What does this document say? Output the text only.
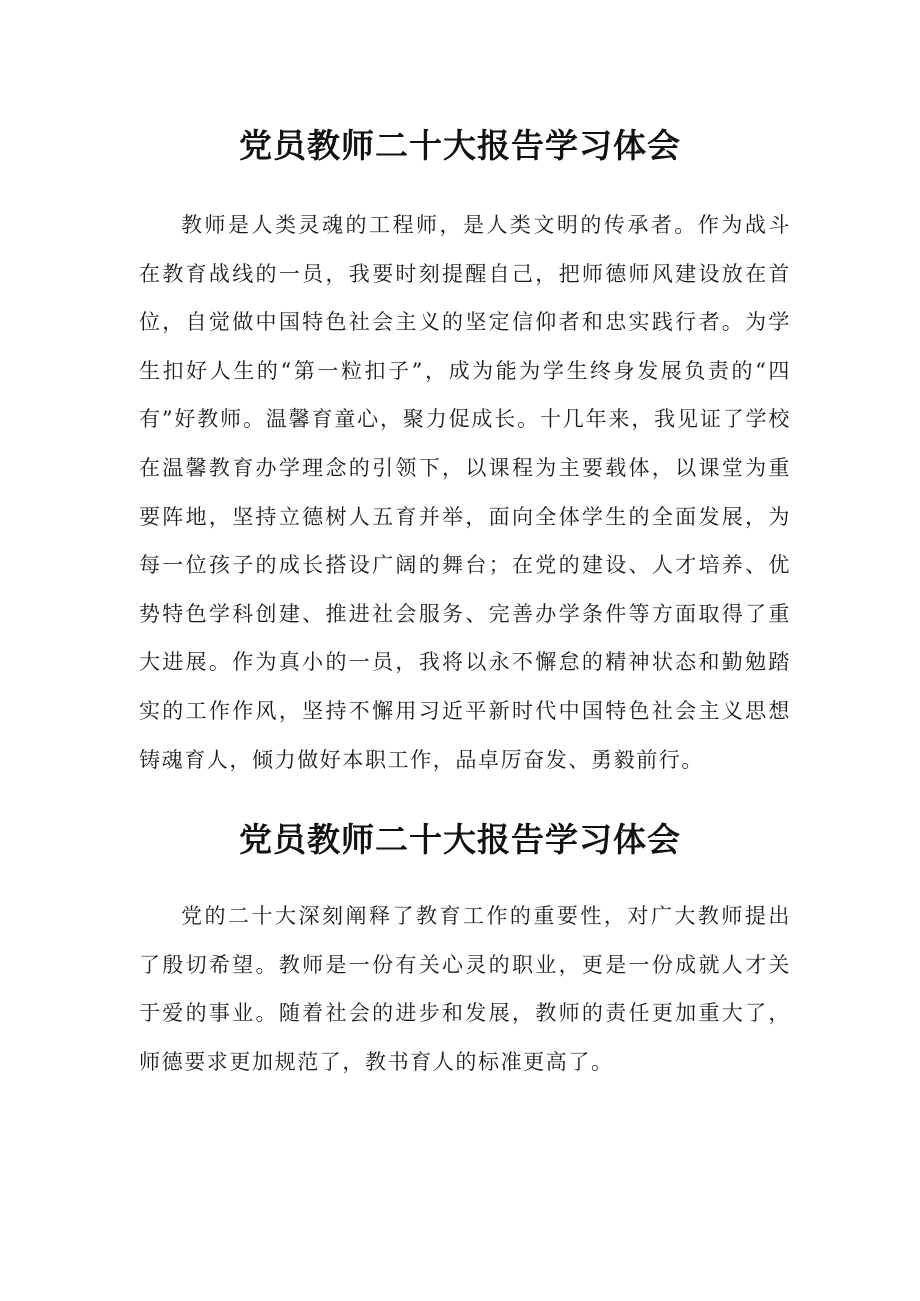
党员教师二十大报告学习体会

教师是人类灵魂的工程师，是人类文明的传承者。作为战斗在教育战线的一员，我要时刻提醒自己，把师德师风建设放在首位，自觉做中国特色社会主义的坚定信仰者和忠实践行者。为学生扣好人生的“第一粒扣子”，成为能为学生终身发展负责的“四有”好教师。温馨育童心，聚力促成长。十几年来，我见证了学校在温馨教育办学理念的引领下，以课程为主要载体，以课堂为重要阵地，坚持立德树人五育并举，面向全体学生的全面发展，为每一位孩子的成长搭设广阔的舞台；在党的建设、人才培养、优势特色学科创建、推进社会服务、完善办学条件等方面取得了重大进展。作为真小的一员，我将以永不懈怠的精神状态和勤勉踏实的工作作风，坚持不懈用习近平新时代中国特色社会主义思想铸魂育人，倾力做好本职工作，品卓厉奋发、勇毅前行。

党员教师二十大报告学习体会

党的二十大深刻阐释了教育工作的重要性，对广大教师提出了殷切希望。教师是一份有关心灵的职业，更是一份成就人才关于爱的事业。随着社会的进步和发展，教师的责任更加重大了，师德要求更加规范了，教书育人的标准更高了。
